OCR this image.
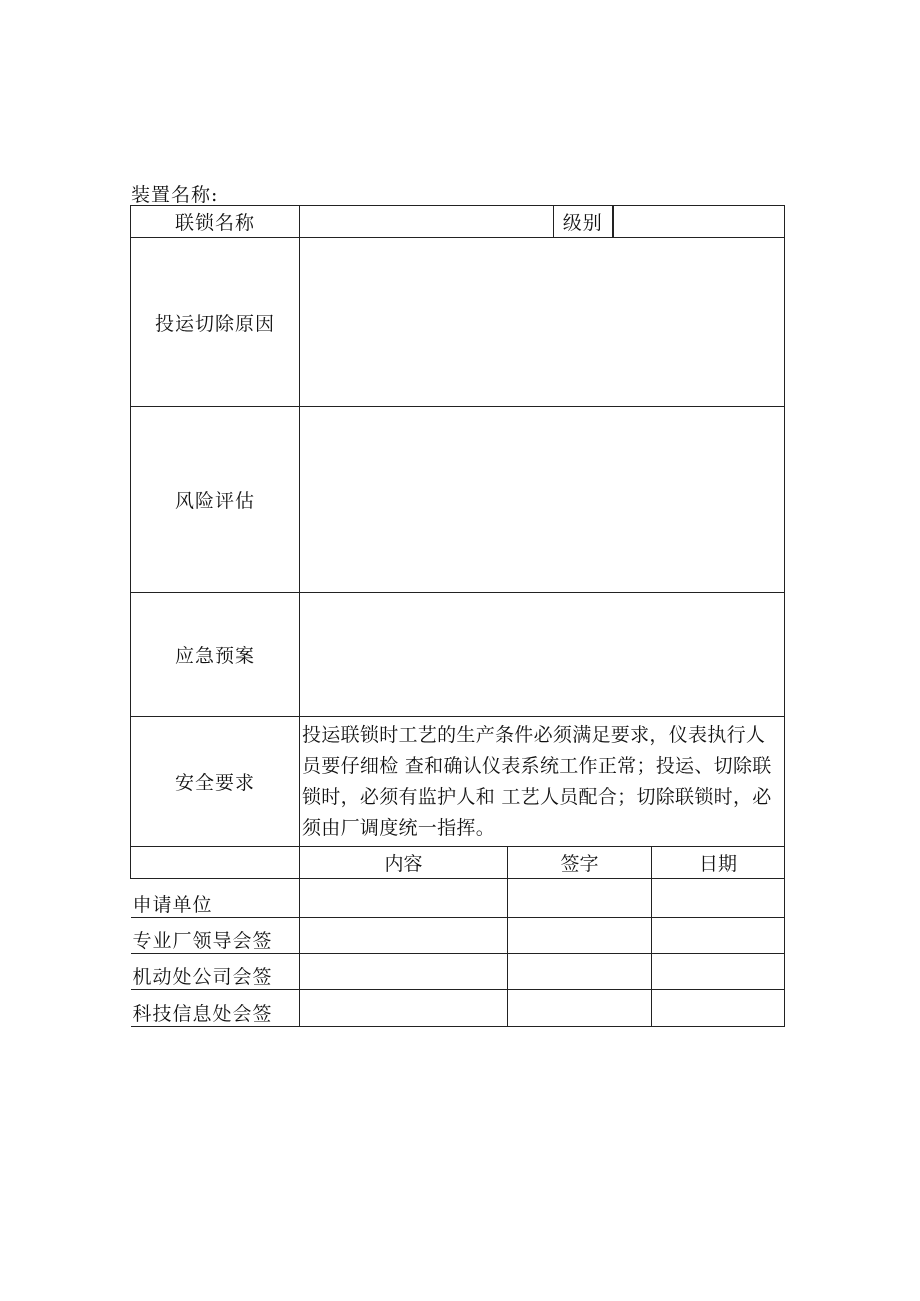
装置名称:
联锁名称		级别	
投运切除原因			
风险评估			
应急预案			
安全要求	投运联锁时工艺的生产条件必须满足要求，仪表执行人员要仔细检 查和确认仪表系统工作正常；投运、切除联锁时，必须有监护人和 工艺人员配合；切除联锁时，必须由厂调度统一指挥。		
	内容	签字	日期
申请单位			
专业厂领导会签			
机动处公司会签			
科技信息处会签			
